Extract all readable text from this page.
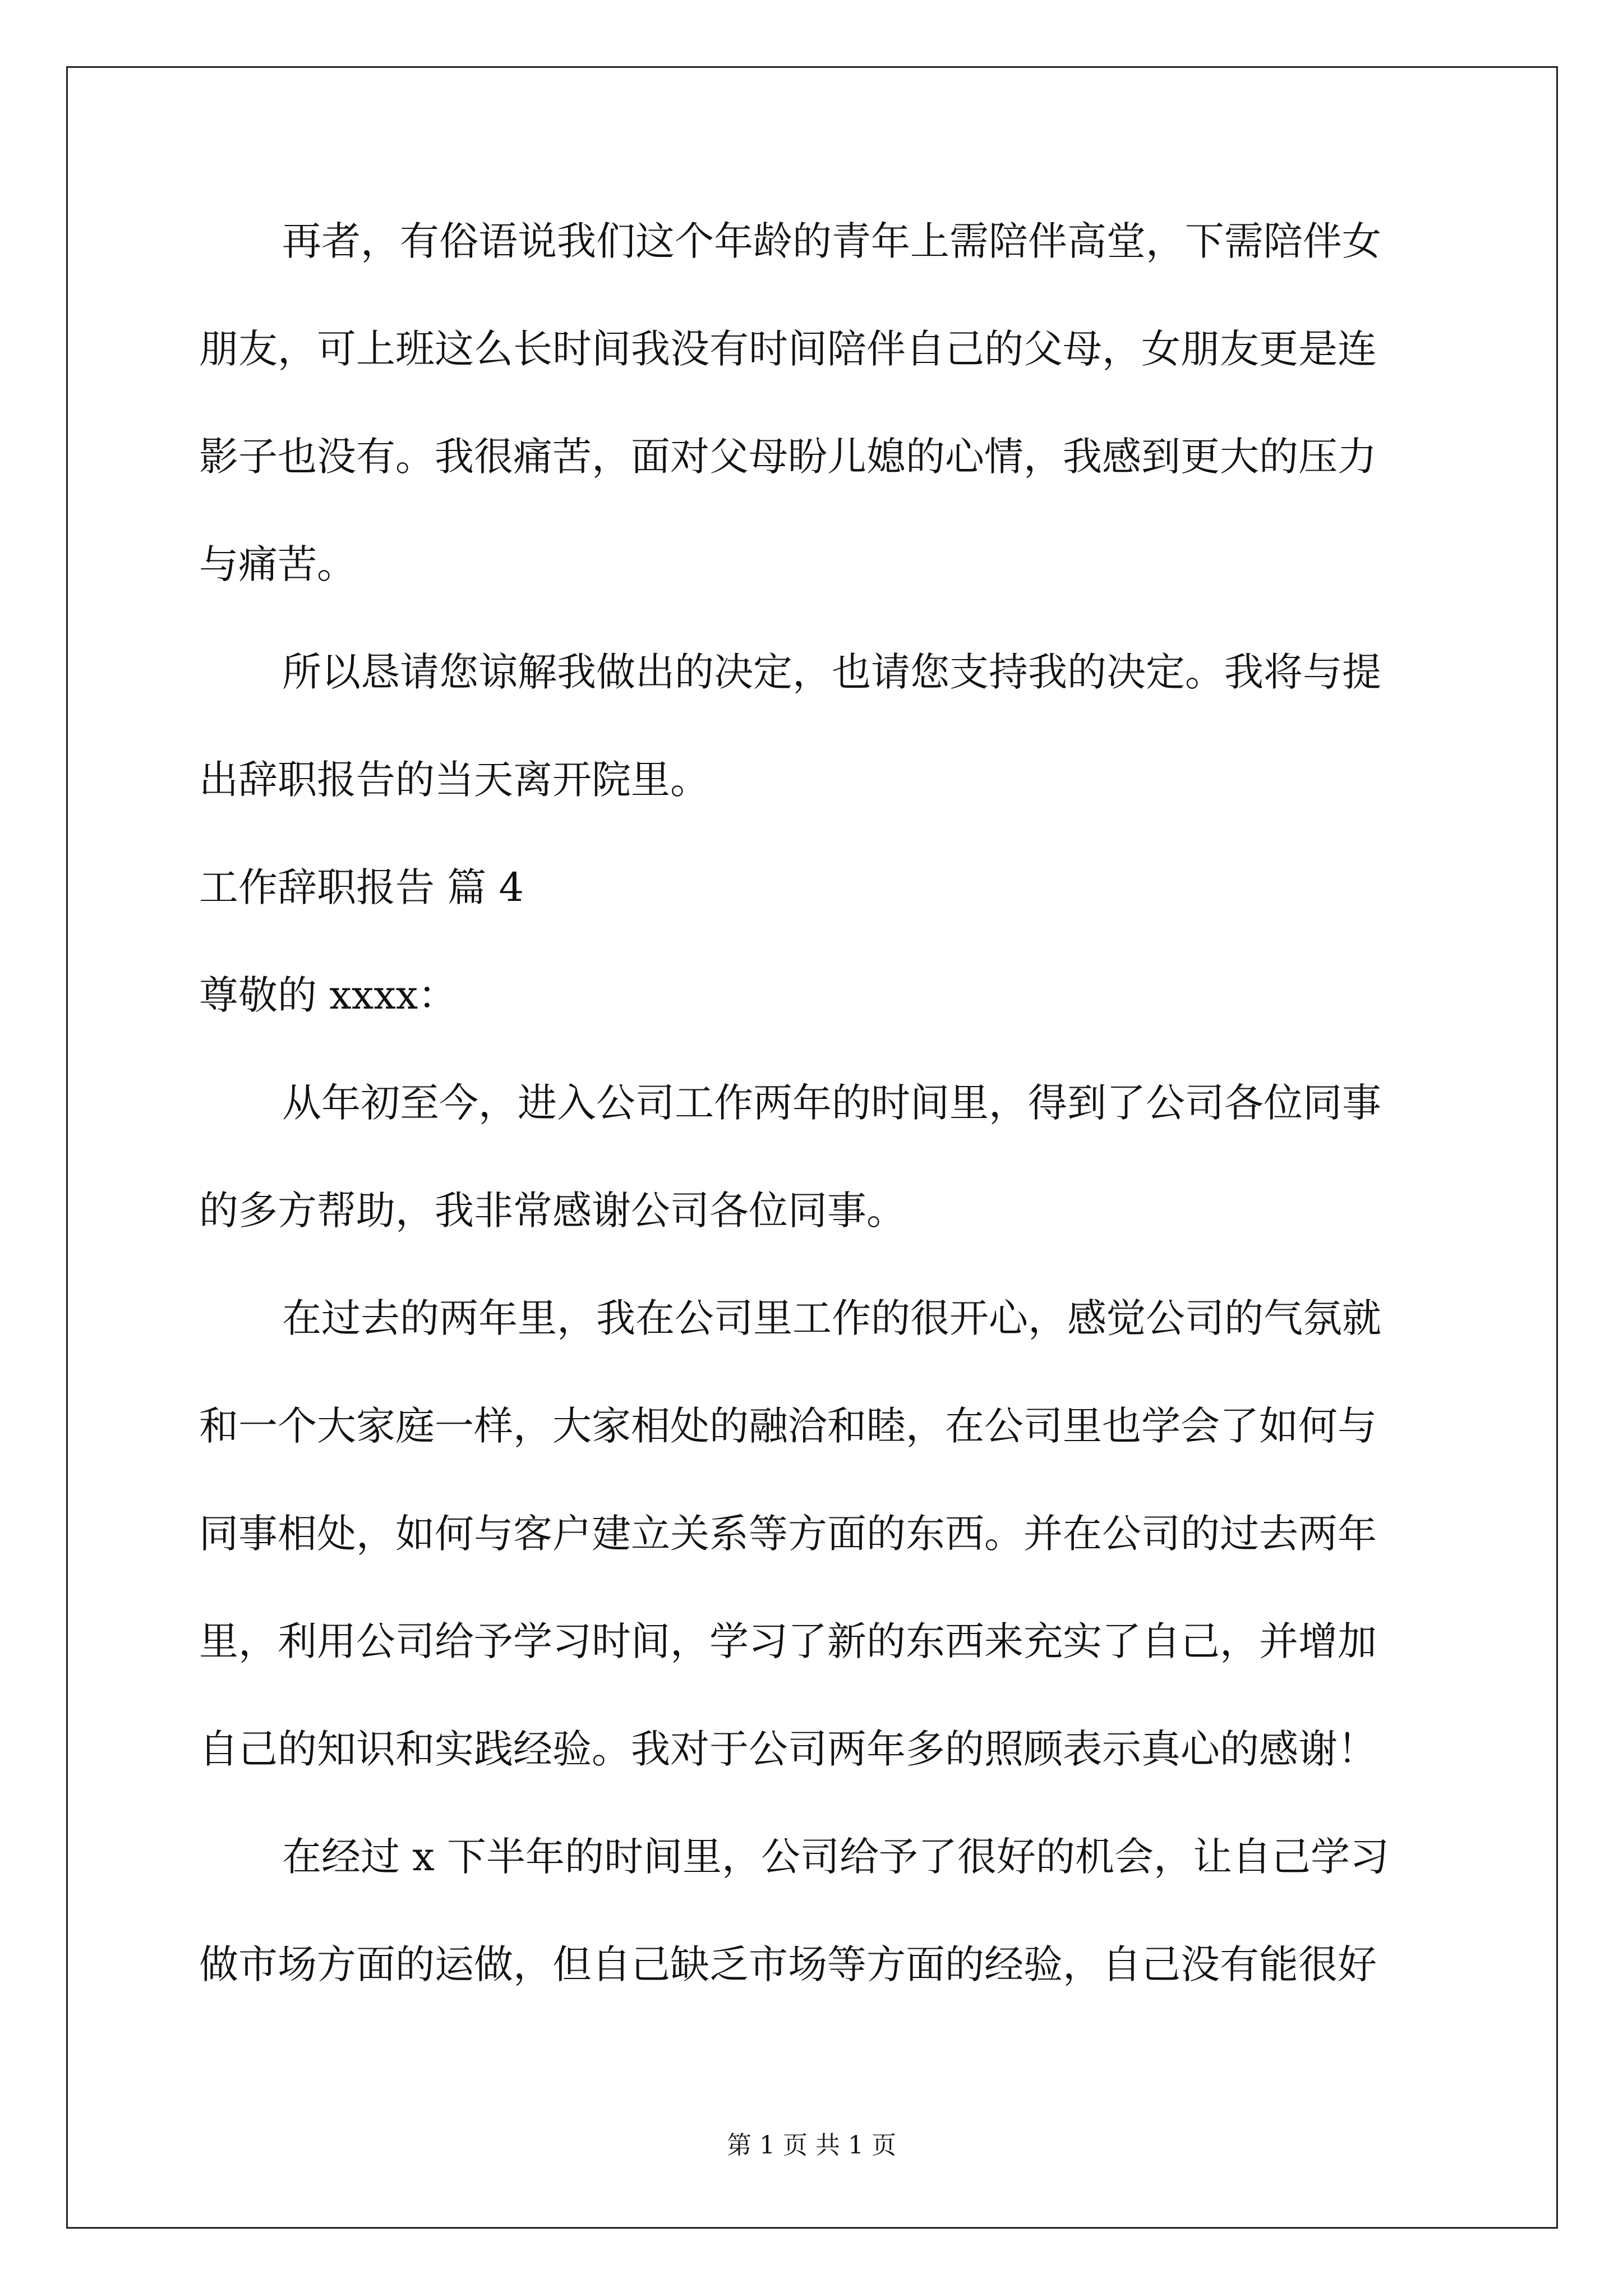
再者，有俗语说我们这个年龄的青年上需陪伴高堂，下需陪伴女
朋友，可上班这么长时间我没有时间陪伴自己的父母，女朋友更是连
影子也没有。我很痛苦，面对父母盼儿媳的心情，我感到更大的压力
与痛苦。
所以恳请您谅解我做出的决定，也请您支持我的决定。我将与提
出辞职报告的当天离开院里。
工作辞职报告 篇 4
尊敬的 xxxx：
从年初至今，进入公司工作两年的时间里，得到了公司各位同事
的多方帮助，我非常感谢公司各位同事。
在过去的两年里，我在公司里工作的很开心，感觉公司的气氛就
和一个大家庭一样，大家相处的融洽和睦，在公司里也学会了如何与
同事相处，如何与客户建立关系等方面的东西。并在公司的过去两年
里，利用公司给予学习时间，学习了新的东西来充实了自己，并增加
自己的知识和实践经验。我对于公司两年多的照顾表示真心的感谢！
在经过 x 下半年的时间里，公司给予了很好的机会，让自己学习
做市场方面的运做，但自己缺乏市场等方面的经验，自己没有能很好
第 1 页 共 1 页
